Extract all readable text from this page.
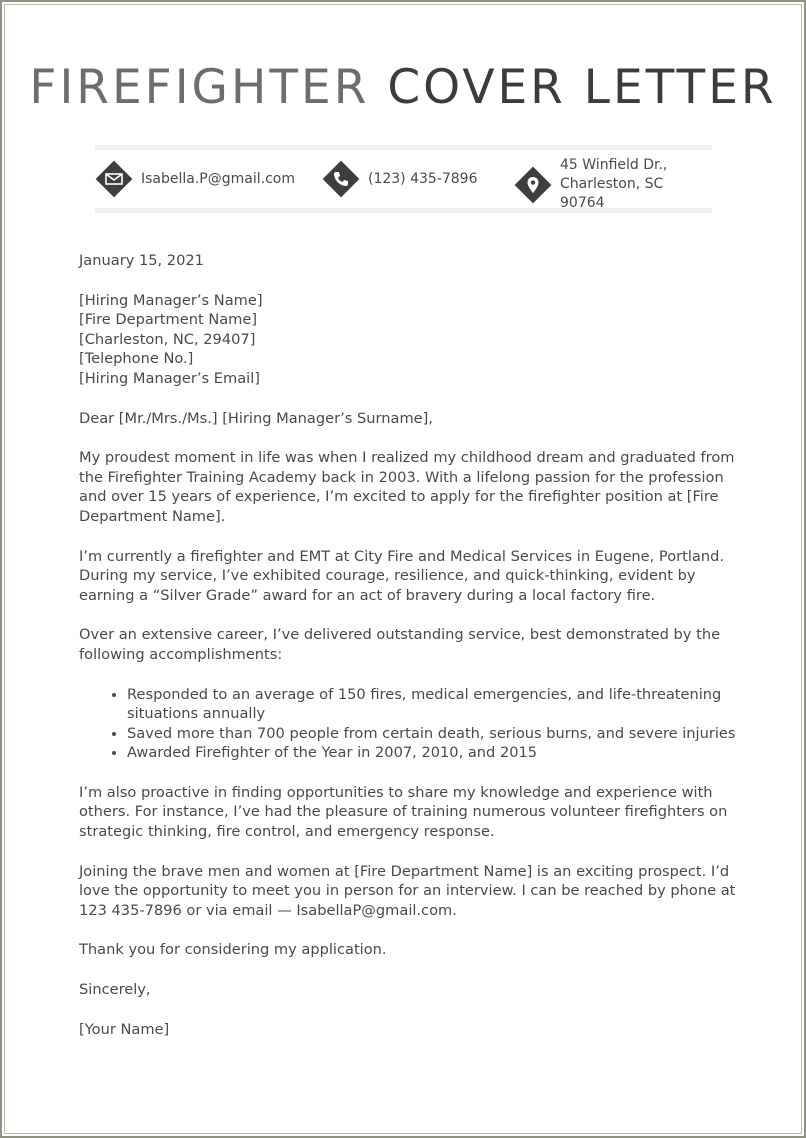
FIREFIGHTER COVER LETTER
Isabella.P@gmail.com	(123) 435-7896
45 Winfield Dr.,
Charleston, SC 90764

January 15, 2021

[Hiring Manager’s Name]
[Fire Department Name]
[Charleston, NC, 29407]
[Telephone No.]
[Hiring Manager’s Email]

Dear [Mr./Mrs./Ms.] [Hiring Manager’s Surname],

My proudest moment in life was when I realized my childhood dream and graduated from the Firefighter Training Academy back in 2003. With a lifelong passion for the profession and over 15 years of experience, I’m excited to apply for the firefighter position at [Fire Department Name].

I’m currently a firefighter and EMT at City Fire and Medical Services in Eugene, Portland. During my service, I’ve exhibited courage, resilience, and quick-thinking, evident by earning a “Silver Grade” award for an act of bravery during a local factory fire.

Over an extensive career, I’ve delivered outstanding service, best demonstrated by the following accomplishments:

• Responded to an average of 150 fires, medical emergencies, and life-threatening situations annually
• Saved more than 700 people from certain death, serious burns, and severe injuries
• Awarded Firefighter of the Year in 2007, 2010, and 2015

I’m also proactive in finding opportunities to share my knowledge and experience with others. For instance, I’ve had the pleasure of training numerous volunteer firefighters on strategic thinking, fire control, and emergency response.

Joining the brave men and women at [Fire Department Name] is an exciting prospect. I’d love the opportunity to meet you in person for an interview. I can be reached by phone at 123 435-7896 or via email — IsabellaP@gmail.com.

Thank you for considering my application.

Sincerely,

[Your Name]
